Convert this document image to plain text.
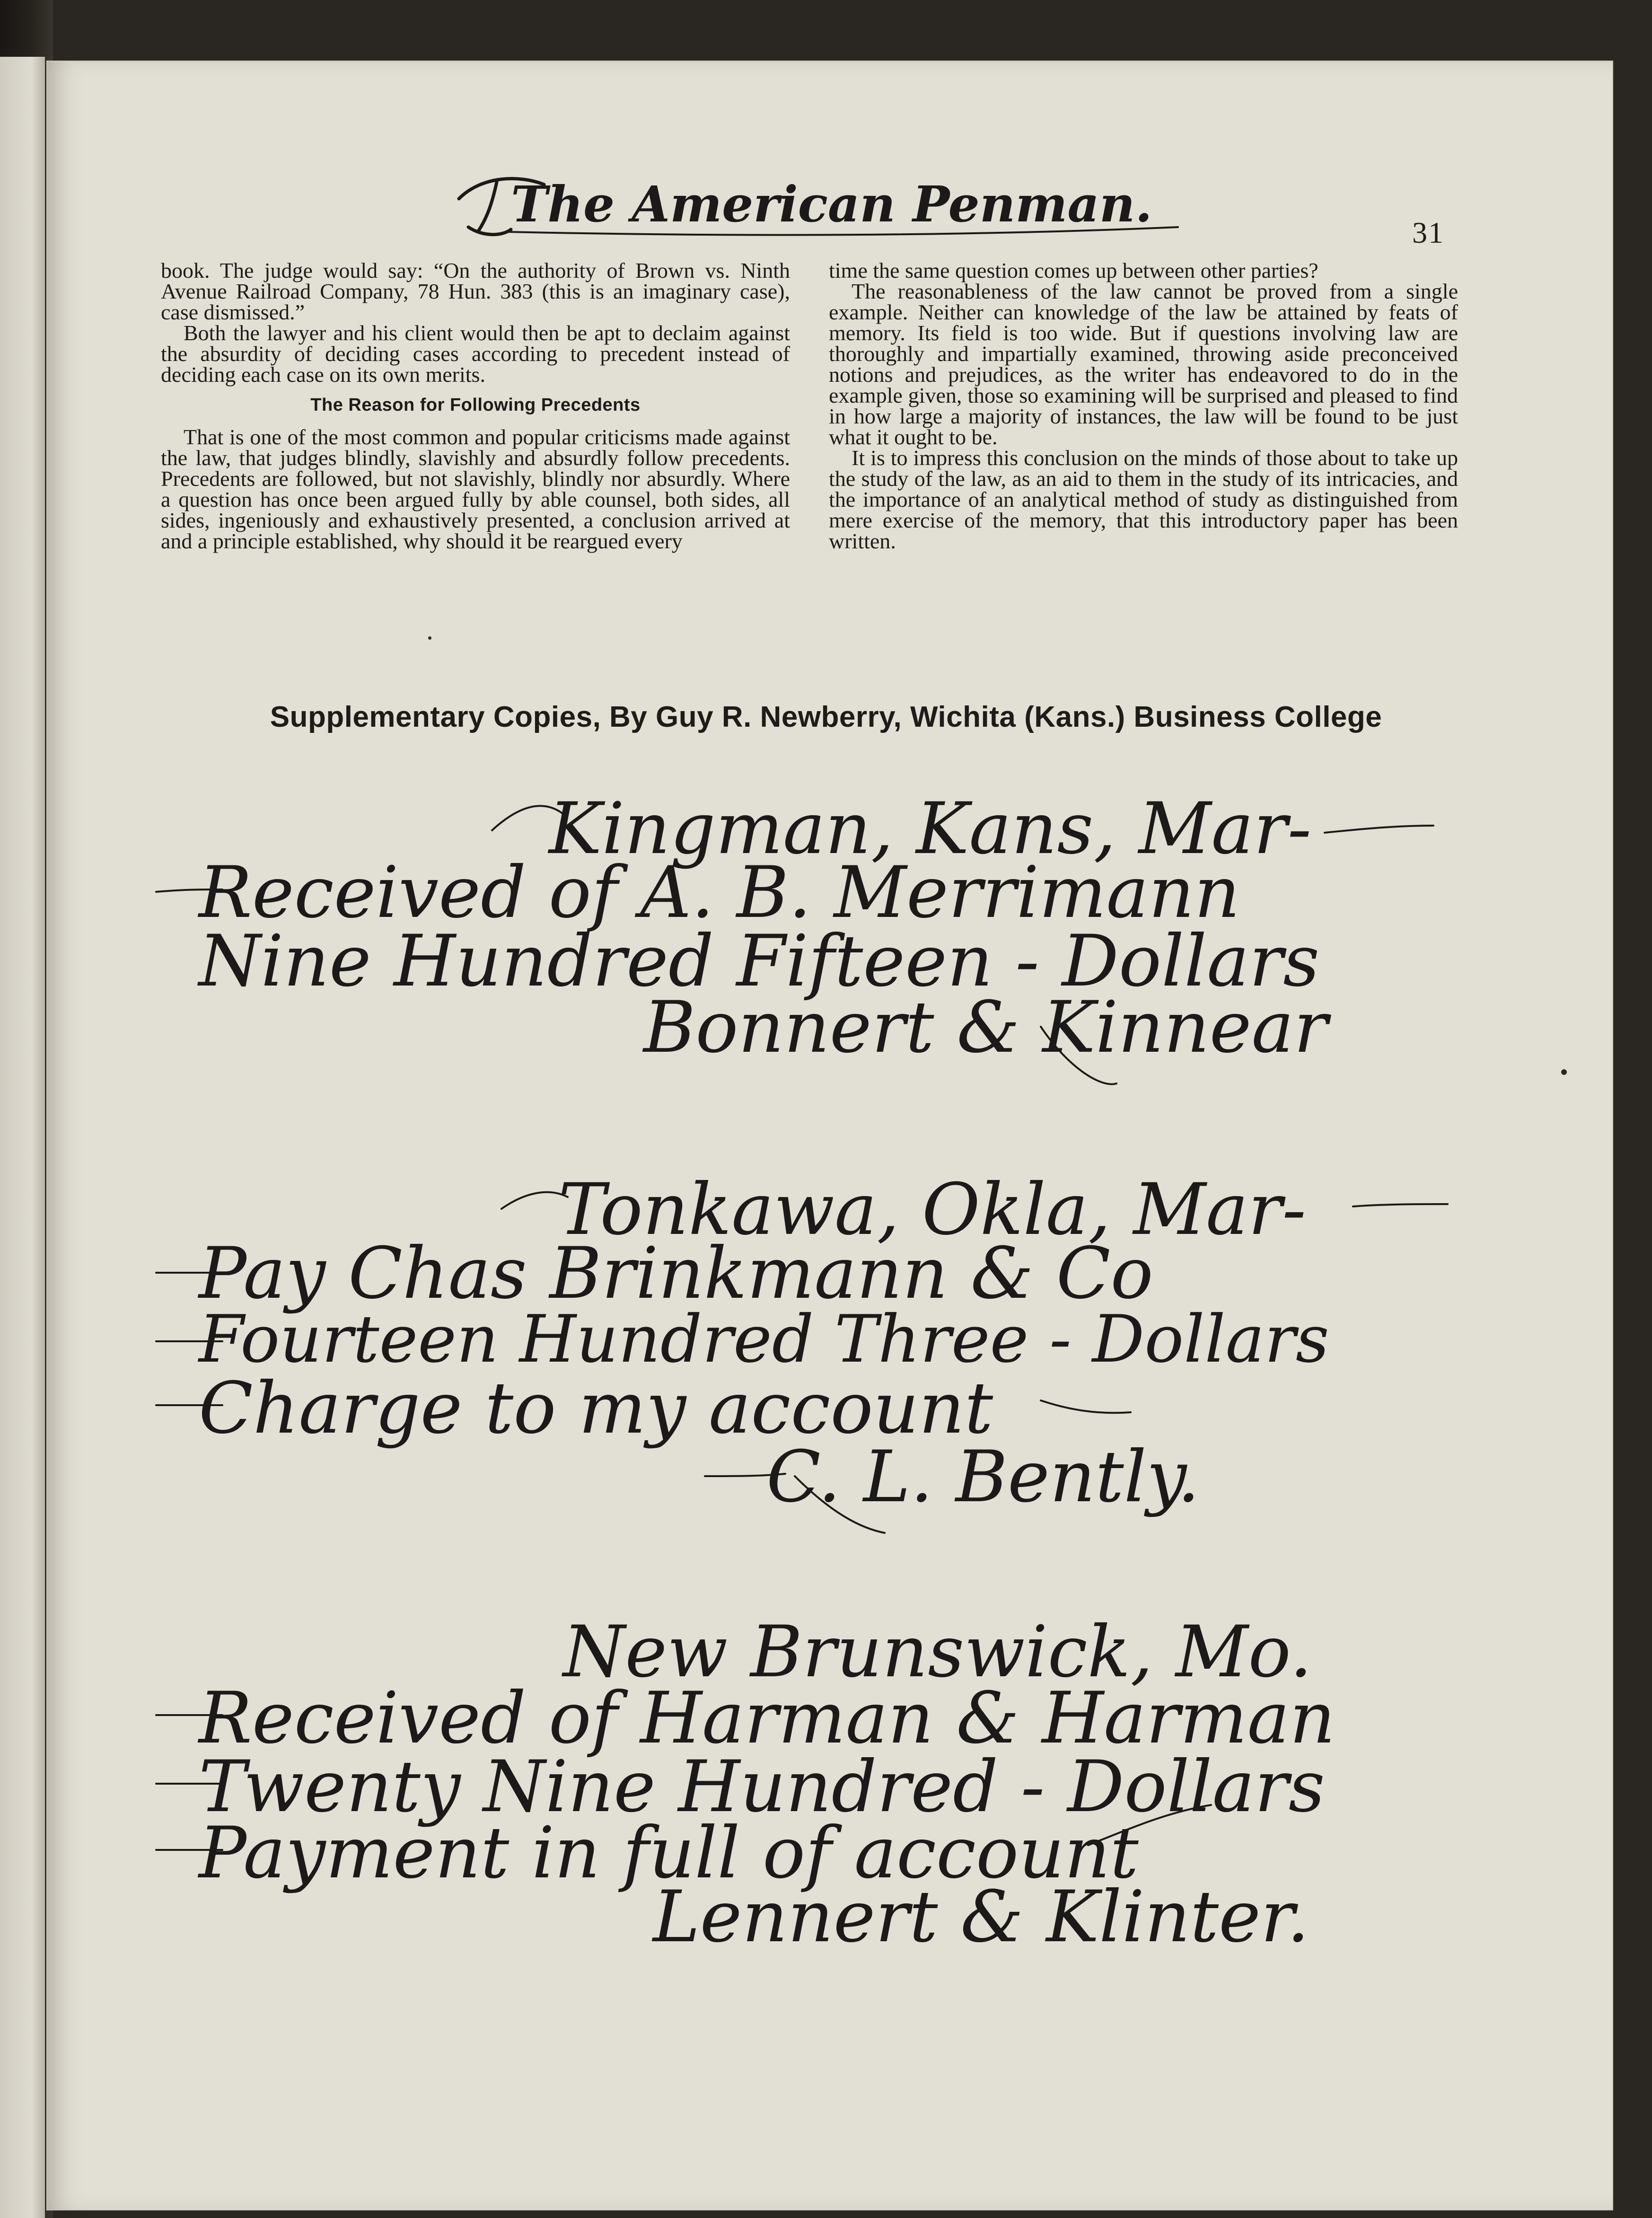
The American Penman.	31

book. The judge would say: “On the authority of Brown vs. Ninth Avenue Railroad Company, 78 Hun. 383 (this is an imaginary case), case dismissed.”

Both the lawyer and his client would then be apt to declaim against the absurdity of deciding cases according to precedent instead of deciding each case on its own merits.

The Reason for Following Precedents

That is one of the most common and popular criticisms made against the law, that judges blindly, slavishly and absurdly follow precedents. Precedents are followed, but not slavishly, blindly nor absurdly. Where a question has once been argued fully by able counsel, both sides, all sides, ingeniously and exhaustively presented, a conclusion arrived at and a principle established, why should it be reargued every

time the same question comes up between other parties?

The reasonableness of the law cannot be proved from a single example. Neither can knowledge of the law be attained by feats of memory. Its field is too wide. But if questions involving law are thoroughly and impartially examined, throwing aside preconceived notions and prejudices, as the writer has endeavored to do in the example given, those so examining will be surprised and pleased to find in how large a majority of instances, the law will be found to be just what it ought to be.

It is to impress this conclusion on the minds of those about to take up the study of the law, as an aid to them in the study of its intricacies, and the importance of an analytical method of study as distinguished from mere exercise of the memory, that this introductory paper has been written.

Supplementary Copies, By Guy R. Newberry, Wichita (Kans.) Business College
Kingman, Kans, Mar-
Received of A. B. Merrimann
Nine Hundred Fifteen - Dollars
Bonnert & Kinnear
Tonkawa, Okla, Mar-
Pay Chas Brinkmann & Co
Fourteen Hundred Three - Dollars
Charge to my account
C. L. Bently.
New Brunswick, Mo.
Received of Harman & Harman
Twenty Nine Hundred - Dollars
Payment in full of account
Lennert & Klinter.
